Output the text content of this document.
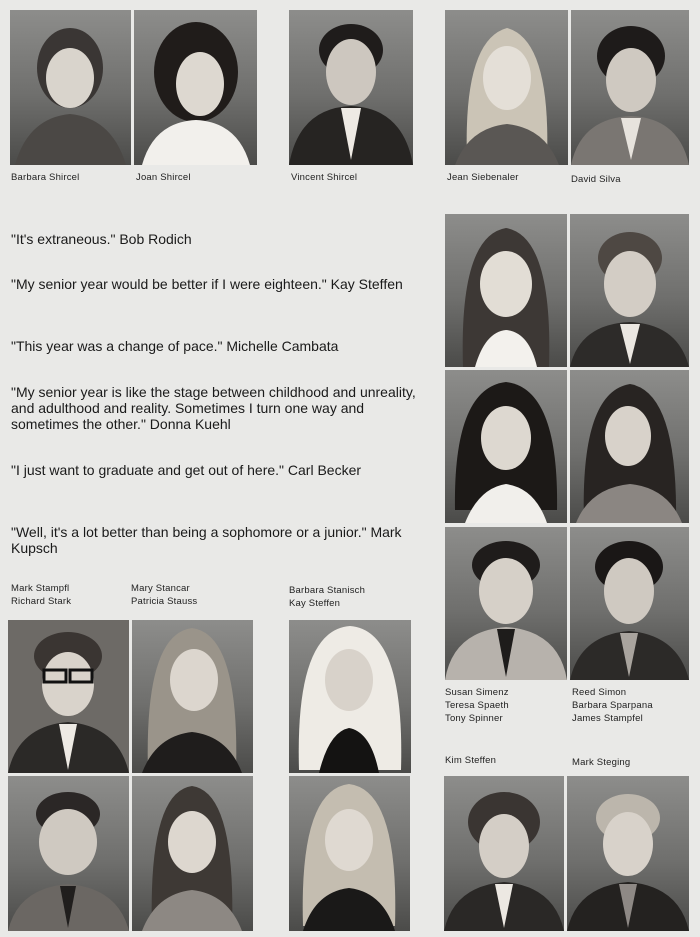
Barbara Shircel	Joan Shircel	Vincent Shircel	Jean Siebenaler	David Silva
"It's extraneous." Bob Rodich
"My senior year would be better if I were eighteen." Kay Steffen
"This year was a change of pace." Michelle Cambata
"My senior year is like the stage between childhood and unreality, and adulthood and reality. Sometimes I turn one way and sometimes the other." Donna Kuehl
"I just want to graduate and get out of here." Carl Becker
"Well, it's a lot better than being a sophomore or a junior." Mark Kupsch
Susan Simenz
Teresa Spaeth
Tony Spinner
Reed Simon
Barbara Sparpana
James Stampfel
Kim Steffen	Mark Steging
Mark Stampfl
Richard Stark
Mary Stancar
Patricia Stauss
Barbara Stanisch
Kay Steffen
